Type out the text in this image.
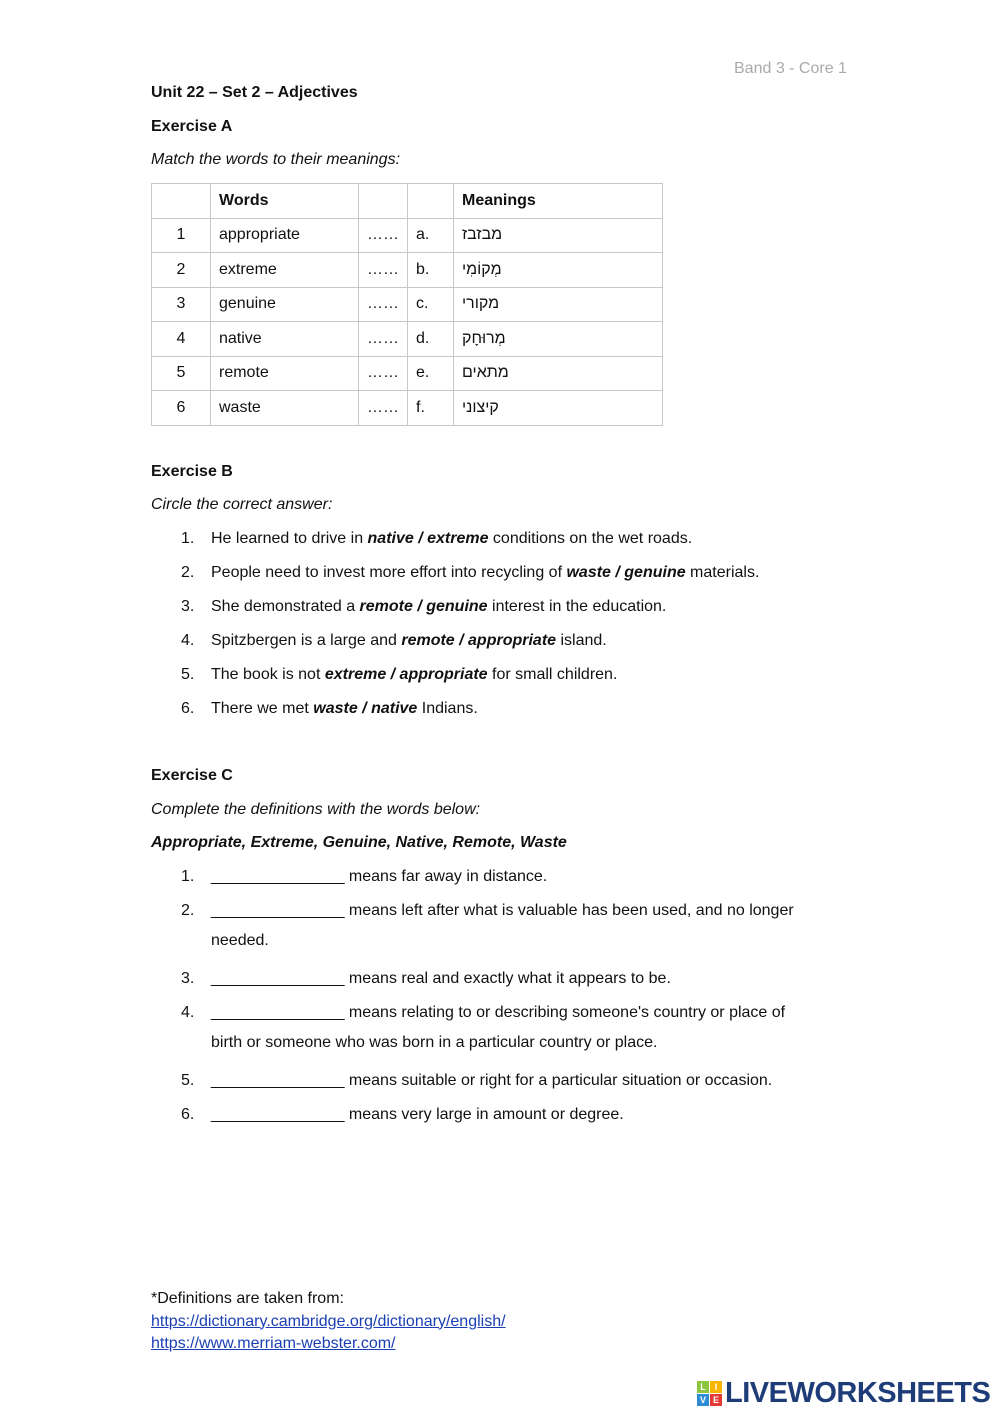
Band 3 - Core 1
Unit 22 – Set 2 – Adjectives
Exercise A
Match the words to their meanings:
	Words			Meanings
1	appropriate	……	a.	מבזבז
2	extreme	……	b.	מְקוֹמִי
3	genuine	……	c.	מקורי
4	native	……	d.	מְרוּחָק
5	remote	……	e.	מתאים
6	waste	……	f.	קיצוני
Exercise B
Circle the correct answer:
1. He learned to drive in native / extreme conditions on the wet roads.
2. People need to invest more effort into recycling of waste / genuine materials.
3. She demonstrated a remote / genuine interest in the education.
4. Spitzbergen is a large and remote / appropriate island.
5. The book is not extreme / appropriate for small children.
6. There we met waste / native Indians.
Exercise C
Complete the definitions with the words below:
Appropriate, Extreme, Genuine, Native, Remote, Waste
1. _______________ means far away in distance.
2. _______________ means left after what is valuable has been used, and no longer
needed.
3. _______________ means real and exactly what it appears to be.
4. _______________ means relating to or describing someone's country or place of
birth or someone who was born in a particular country or place.
5. _______________ means suitable or right for a particular situation or occasion.
6. _______________ means very large in amount or degree.
*Definitions are taken from:
https://dictionary.cambridge.org/dictionary/english/
https://www.merriam-webster.com/
L I
V E LIVEWORKSHEETS
